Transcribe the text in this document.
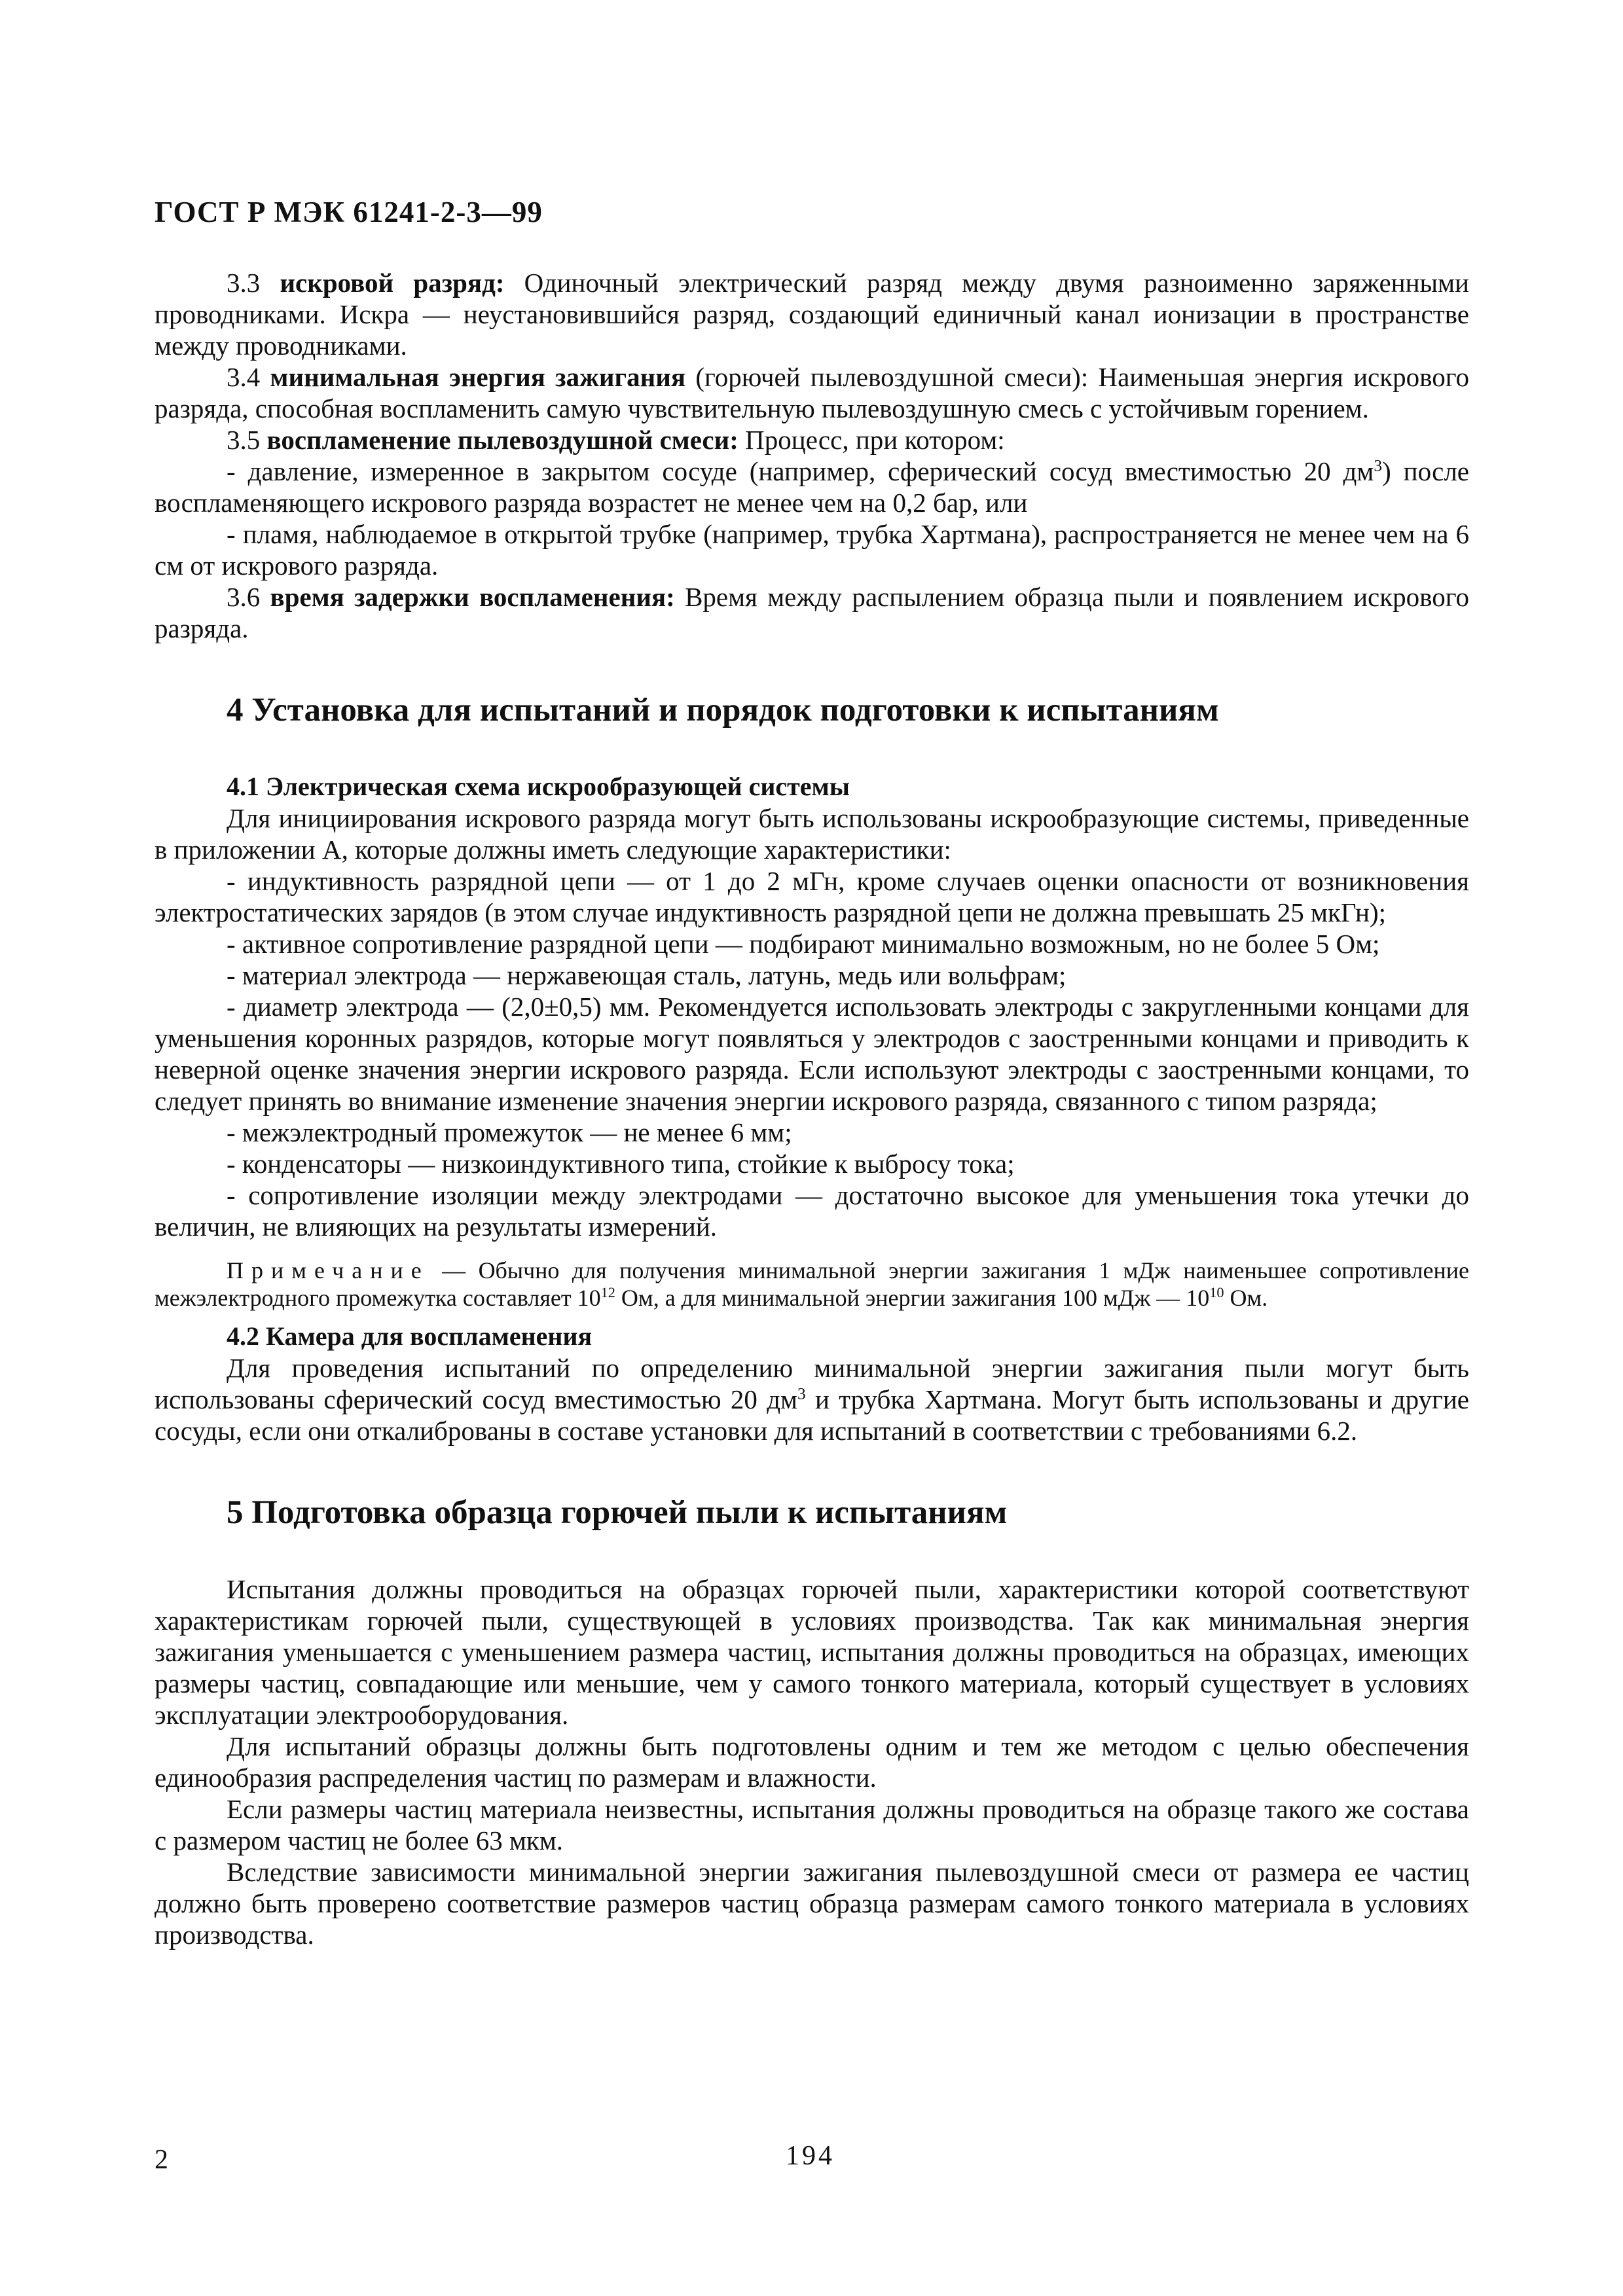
ГОСТ Р МЭК 61241-2-3—99

3.3 искровой разряд: Одиночный электрический разряд между двумя разноименно заряженными проводниками. Искра — неустановившийся разряд, создающий единичный канал ионизации в пространстве между проводниками.

3.4 минимальная энергия зажигания (горючей пылевоздушной смеси): Наименьшая энергия искрового разряда, способная воспламенить самую чувствительную пылевоздушную смесь с устойчивым горением.

3.5 воспламенение пылевоздушной смеси: Процесс, при котором:

- давление, измеренное в закрытом сосуде (например, сферический сосуд вместимостью 20 $дм^3$) после воспламеняющего искрового разряда возрастет не менее чем на 0,2 бар, или

- пламя, наблюдаемое в открытой трубке (например, трубка Хартмана), распространяется не менее чем на 6 см от искрового разряда.

3.6 время задержки воспламенения: Время между распылением образца пыли и появлением искрового разряда.

4 Установка для испытаний и порядок подготовки к испытаниям
4.1 Электрическая схема искрообразующей системы

Для инициирования искрового разряда могут быть использованы искрообразующие системы, приведенные в приложении А, которые должны иметь следующие характеристики:

- индуктивность разрядной цепи — от 1 до 2 мГн, кроме случаев оценки опасности от возникновения электростатических зарядов (в этом случае индуктивность разрядной цепи не должна превышать 25 мкГн);

- активное сопротивление разрядной цепи — подбирают минимально возможным, но не более 5 Ом;

- материал электрода — нержавеющая сталь, латунь, медь или вольфрам;

- диаметр электрода — (2,0±0,5) мм. Рекомендуется использовать электроды с закругленными концами для уменьшения коронных разрядов, которые могут появляться у электродов с заостренными концами и приводить к неверной оценке значения энергии искрового разряда. Если используют электроды с заостренными концами, то следует принять во внимание изменение значения энергии искрового разряда, связанного с типом разряда;

- межэлектродный промежуток — не менее 6 мм;

- конденсаторы — низкоиндуктивного типа, стойкие к выбросу тока;

- сопротивление изоляции между электродами — достаточно высокое для уменьшения тока утечки до величин, не влияющих на результаты измерений.

Примечание — Обычно для получения минимальной энергии зажигания 1 мДж наименьшее сопротивление межэлектродного промежутка составляет $10^{12}$ Ом, а для минимальной энергии зажигания 100 мДж — $10^{10}$ Ом.

4.2 Камера для воспламенения

Для проведения испытаний по определению минимальной энергии зажигания пыли могут быть использованы сферический сосуд вместимостью 20 $дм^3$ и трубка Хартмана. Могут быть использованы и другие сосуды, если они откалиброваны в составе установки для испытаний в соответствии с требованиями 6.2.

5 Подготовка образца горючей пыли к испытаниям

Испытания должны проводиться на образцах горючей пыли, характеристики которой соответствуют характеристикам горючей пыли, существующей в условиях производства. Так как минимальная энергия зажигания уменьшается с уменьшением размера частиц, испытания должны проводиться на образцах, имеющих размеры частиц, совпадающие или меньшие, чем у самого тонкого материала, который существует в условиях эксплуатации электрооборудования.

Для испытаний образцы должны быть подготовлены одним и тем же методом с целью обеспечения единообразия распределения частиц по размерам и влажности.

Если размеры частиц материала неизвестны, испытания должны проводиться на образце такого же состава с размером частиц не более 63 мкм.

Вследствие зависимости минимальной энергии зажигания пылевоздушной смеси от размера ее частиц должно быть проверено соответствие размеров частиц образца размерам самого тонкого материала в условиях производства.

2	194
